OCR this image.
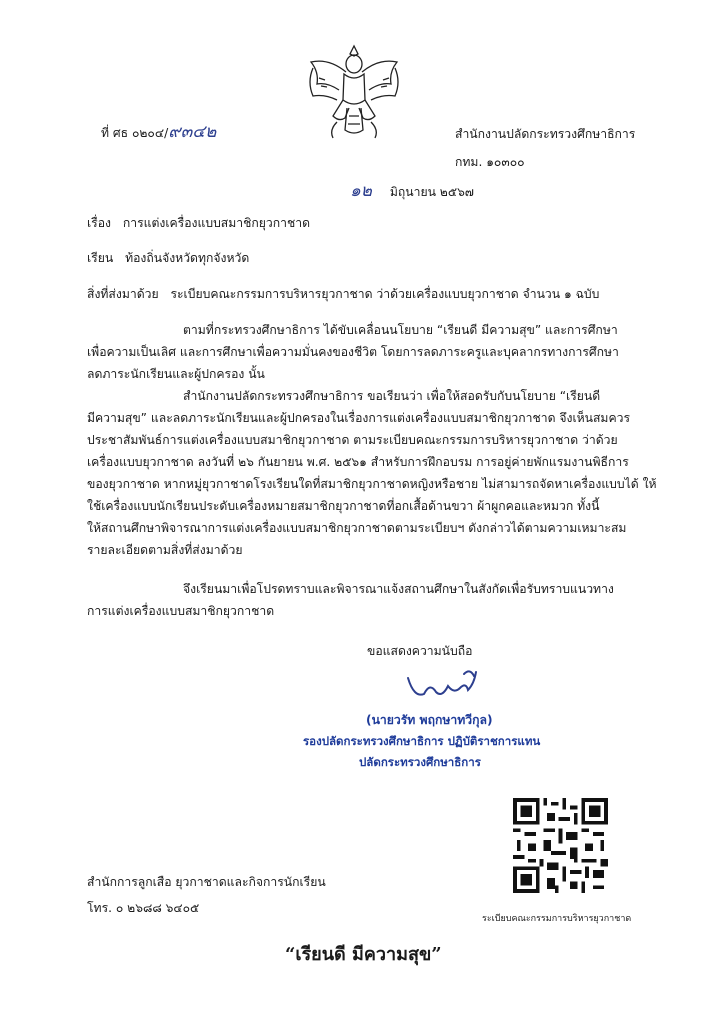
ที่ ศธ ๐๒๐๔/๙๓๔๒	สำนักงานปลัดกระทรวงศึกษาธิการ
กทม. ๑๐๓๐๐
๑๒ มิถุนายน ๒๕๖๗
เรื่อง การแต่งเครื่องแบบสมาชิกยุวกาชาด
เรียน ท้องถิ่นจังหวัดทุกจังหวัด
สิ่งที่ส่งมาด้วย ระเบียบคณะกรรมการบริหารยุวกาชาด ว่าด้วยเครื่องแบบยุวกาชาด จำนวน ๑ ฉบับ
ตามที่กระทรวงศึกษาธิการ ได้ขับเคลื่อนนโยบาย “เรียนดี มีความสุข” และการศึกษา
เพื่อความเป็นเลิศ และการศึกษาเพื่อความมั่นคงของชีวิต โดยการลดภาระครูและบุคลากรทางการศึกษา
ลดภาระนักเรียนและผู้ปกครอง นั้น
สำนักงานปลัดกระทรวงศึกษาธิการ ขอเรียนว่า เพื่อให้สอดรับกับนโยบาย “เรียนดี
มีความสุข” และลดภาระนักเรียนและผู้ปกครองในเรื่องการแต่งเครื่องแบบสมาชิกยุวกาชาด จึงเห็นสมควร
ประชาสัมพันธ์การแต่งเครื่องแบบสมาชิกยุวกาชาด ตามระเบียบคณะกรรมการบริหารยุวกาชาด ว่าด้วย
เครื่องแบบยุวกาชาด ลงวันที่ ๒๖ กันยายน พ.ศ. ๒๕๖๑ สำหรับการฝึกอบรม การอยู่ค่ายพักแรมงานพิธีการ
ของยุวกาชาด หากหมู่ยุวกาชาดโรงเรียนใดที่สมาชิกยุวกาชาดหญิงหรือชาย ไม่สามารถจัดหาเครื่องแบบได้ ให้
ใช้เครื่องแบบนักเรียนประดับเครื่องหมายสมาชิกยุวกาชาดที่อกเสื้อด้านขวา ผ้าผูกคอและหมวก ทั้งนี้
ให้สถานศึกษาพิจารณาการแต่งเครื่องแบบสมาชิกยุวกาชาดตามระเบียบฯ ดังกล่าวได้ตามความเหมาะสม
รายละเอียดตามสิ่งที่ส่งมาด้วย
จึงเรียนมาเพื่อโปรดทราบและพิจารณาแจ้งสถานศึกษาในสังกัดเพื่อรับทราบแนวทาง
การแต่งเครื่องแบบสมาชิกยุวกาชาด
ขอแสดงความนับถือ
(นายวรัท พฤกษาทวีกุล)
รองปลัดกระทรวงศึกษาธิการ ปฏิบัติราชการแทน
ปลัดกระทรวงศึกษาธิการ
สำนักการลูกเสือ ยุวกาชาดและกิจการนักเรียน
โทร. ๐ ๒๖๘๘ ๖๔๐๕
ระเบียบคณะกรรมการบริหารยุวกาชาด
“เรียนดี มีความสุข”
